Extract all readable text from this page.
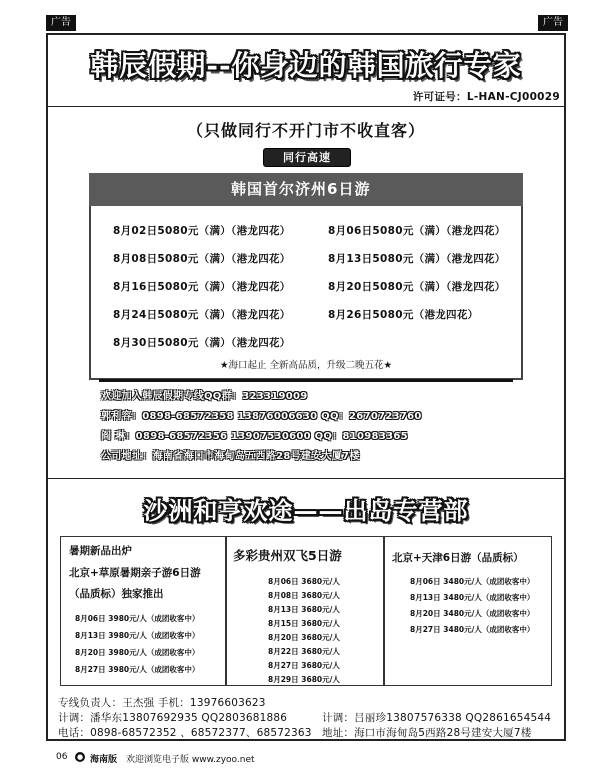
广告	广告
韩辰假期--你身边的韩国旅行专家
许可证号：L-HAN-CJ00029
（只做同行不开门市不收直客）
同行高速
韩国首尔济州6日游
8月02日5080元（满）（港龙四花）
8月08日5080元（满）（港龙四花）
8月16日5080元（满）（港龙四花）
8月24日5080元（满）（港龙四花）
8月30日5080元（满）（港龙四花）
8月06日5080元（满）（港龙四花）
8月13日5080元（满）（港龙四花）
8月20日5080元（满）（港龙四花）
8月26日5080元（港龙四花）
★海口起止 全新高品质，升级二晚五花★
欢迎加入韩辰假期专线QQ群：323319009
郭利容：0898-68572358 13876006630 QQ：2670723760
阎 琳：0898-68572356 13907530600 QQ：810983365
公司地址：海南省海口市海甸岛五西路28号建安大厦7楼
沙洲和亨欢途——出岛专营部
暑期新品出炉
北京+草原暑期亲子游6日游
（品质标）独家推出
8月06日 3980元/人（成团收客中）
8月13日 3980元/人（成团收客中）
8月20日 3980元/人（成团收客中）
8月27日 3980元/人（成团收客中）
多彩贵州双飞5日游
8月06日 3680元/人
8月08日 3680元/人
8月13日 3680元/人
8月15日 3680元/人
8月20日 3680元/人
8月22日 3680元/人
8月27日 3680元/人
8月29日 3680元/人
北京+天津6日游（品质标）
8月06日 3480元/人（成团收客中）
8月13日 3480元/人（成团收客中）
8月20日 3480元/人（成团收客中）
8月27日 3480元/人（成团收客中）
专线负责人：王杰强 手机：13976603623
计调：潘华东13807692935 QQ2803681886	计调：吕丽珍13807576338 QQ2861654544
电话：0898-68572352 、68572377、68572363 地址：海口市海甸岛5西路28号建安大厦7楼
06 ● 海南版 欢迎浏览电子版 www.zyoo.net
